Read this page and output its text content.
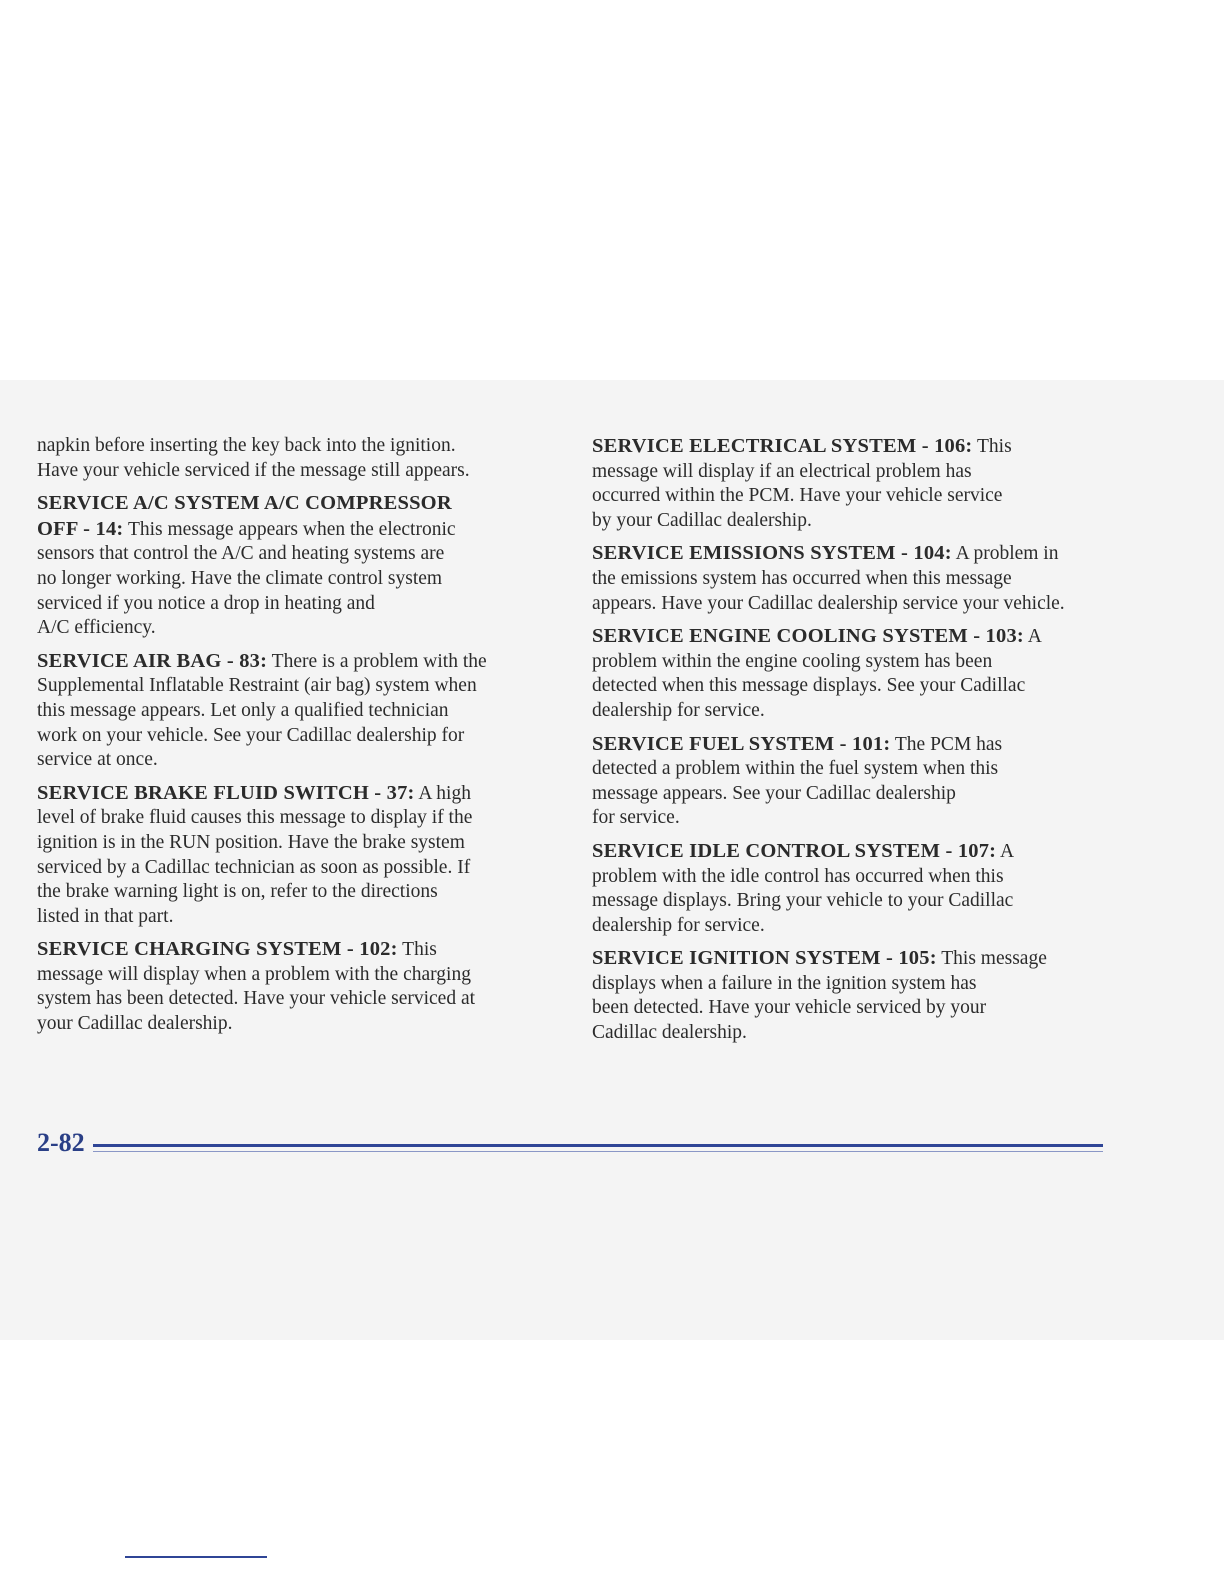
napkin before inserting the key back into the ignition.
Have your vehicle serviced if the message still appears.
SERVICE A/C SYSTEM A/C COMPRESSOR
OFF - 14: This message appears when the electronic
sensors that control the A/C and heating systems are
no longer working. Have the climate control system
serviced if you notice a drop in heating and
A/C efficiency.
SERVICE AIR BAG - 83: There is a problem with the
Supplemental Inflatable Restraint (air bag) system when
this message appears. Let only a qualified technician
work on your vehicle. See your Cadillac dealership for
service at once.
SERVICE BRAKE FLUID SWITCH - 37: A high
level of brake fluid causes this message to display if the
ignition is in the RUN position. Have the brake system
serviced by a Cadillac technician as soon as possible. If
the brake warning light is on, refer to the directions
listed in that part.
SERVICE CHARGING SYSTEM - 102: This
message will display when a problem with the charging
system has been detected. Have your vehicle serviced at
your Cadillac dealership.
SERVICE ELECTRICAL SYSTEM - 106: This
message will display if an electrical problem has
occurred within the PCM. Have your vehicle service
by your Cadillac dealership.
SERVICE EMISSIONS SYSTEM - 104: A problem in
the emissions system has occurred when this message
appears. Have your Cadillac dealership service your vehicle.
SERVICE ENGINE COOLING SYSTEM - 103: A
problem within the engine cooling system has been
detected when this message displays. See your Cadillac
dealership for service.
SERVICE FUEL SYSTEM - 101: The PCM has
detected a problem within the fuel system when this
message appears. See your Cadillac dealership
for service.
SERVICE IDLE CONTROL SYSTEM - 107: A
problem with the idle control has occurred when this
message displays. Bring your vehicle to your Cadillac
dealership for service.
SERVICE IGNITION SYSTEM - 105: This message
displays when a failure in the ignition system has
been detected. Have your vehicle serviced by your
Cadillac dealership.
2-82
